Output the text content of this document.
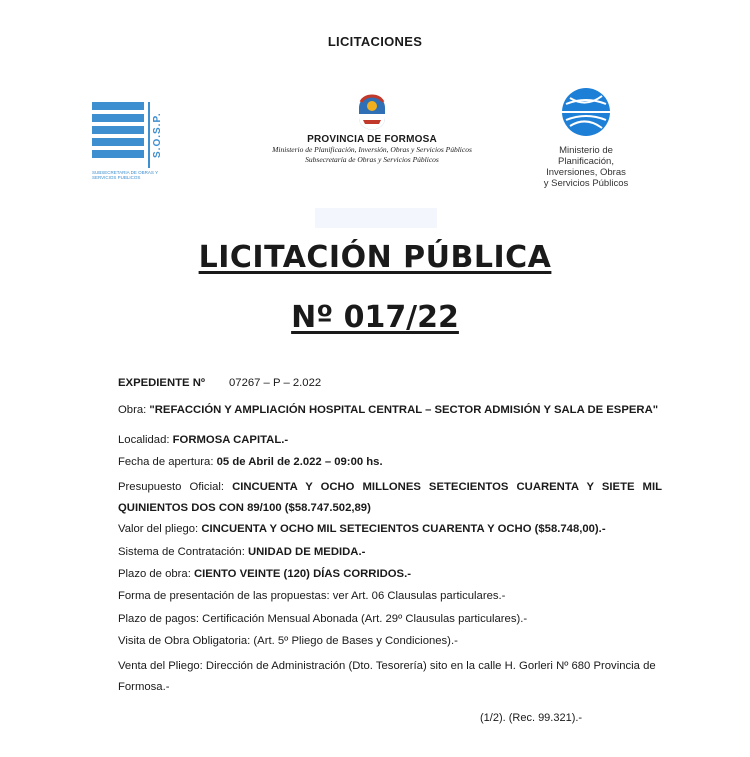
LICITACIONES
S.O.S.P.
SUBSECRETARIA DE OBRAS Y SERVICIOS PUBLICOS
PROVINCIA DE FORMOSA
Ministerio de Planificación, Inversión, Obras y Servicios Públicos
Subsecretaría de Obras y Servicios Públicos
Ministerio de
Planificación,
Inversiones, Obras
y Servicios Públicos
LICITACIÓN PÚBLICA
Nº 017/22
EXPEDIENTE Nº 07267 – P – 2.022
Obra: "REFACCIÓN Y AMPLIACIÓN HOSPITAL CENTRAL – SECTOR ADMISIÓN Y SALA DE ESPERA"
Localidad: FORMOSA CAPITAL.-
Fecha de apertura: 05 de Abril de 2.022 – 09:00 hs.
Presupuesto Oficial: CINCUENTA Y OCHO MILLONES SETECIENTOS CUARENTA Y SIETE MIL QUINIENTOS DOS CON 89/100 ($58.747.502,89)
Valor del pliego: CINCUENTA Y OCHO MIL SETECIENTOS CUARENTA Y OCHO ($58.748,00).-
Sistema de Contratación: UNIDAD DE MEDIDA.-
Plazo de obra: CIENTO VEINTE (120) DÍAS CORRIDOS.-
Forma de presentación de las propuestas: ver Art. 06 Clausulas particulares.-
Plazo de pagos: Certificación Mensual Abonada (Art. 29º Clausulas particulares).-
Visita de Obra Obligatoria: (Art. 5º Pliego de Bases y Condiciones).-
Venta del Pliego: Dirección de Administración (Dto. Tesorería) sito en la calle H. Gorleri Nº 680 Provincia de Formosa.-
(1/2). (Rec. 99.321).-
